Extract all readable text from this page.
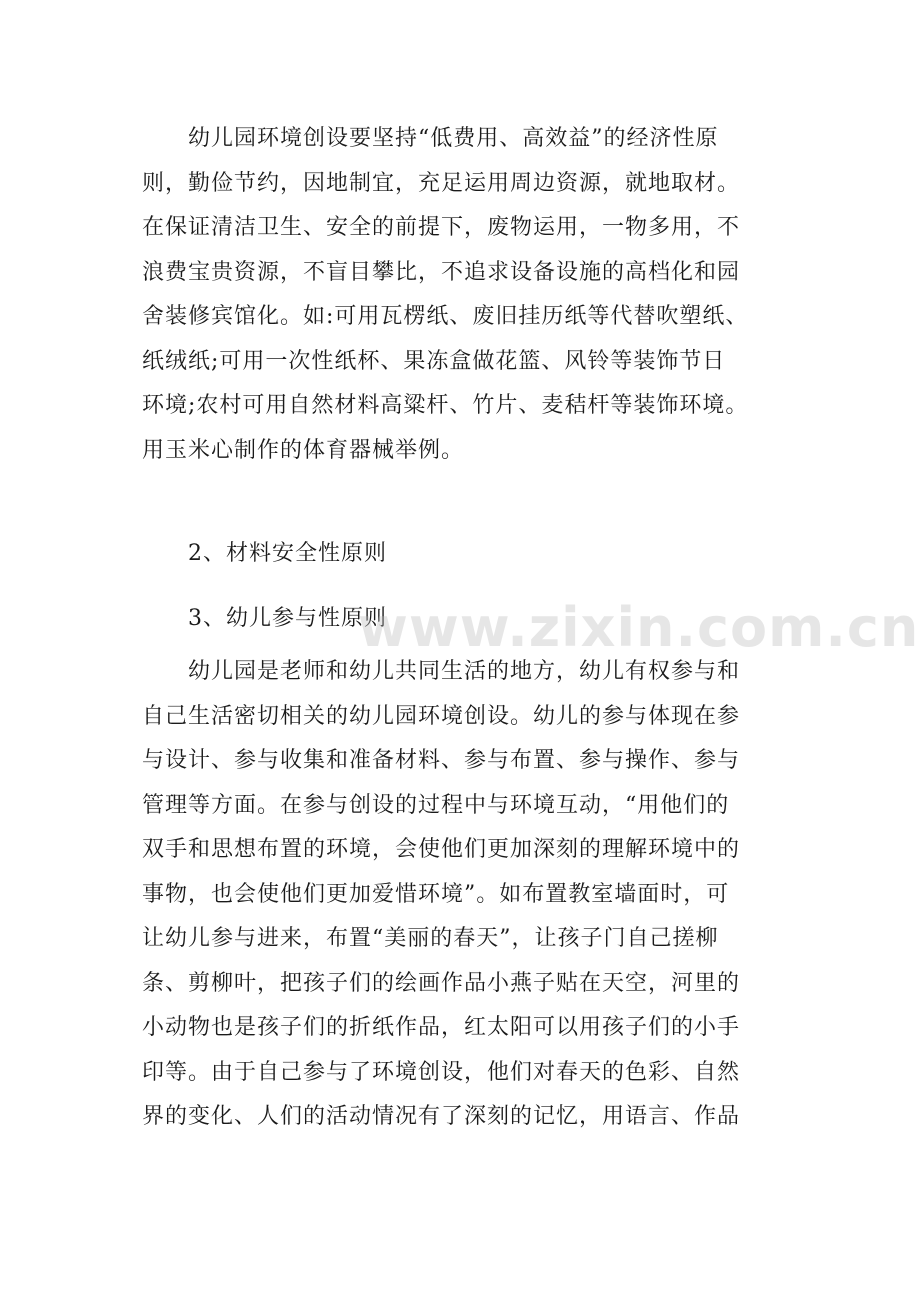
　　幼儿园环境创设要坚持“低费用、高效益”的经济性原
则，勤俭节约，因地制宜，充足运用周边资源，就地取材。
在保证清洁卫生、安全的前提下，废物运用，一物多用，不
浪费宝贵资源，不盲目攀比，不追求设备设施的高档化和园
舍装修宾馆化。如:可用瓦楞纸、废旧挂历纸等代替吹塑纸、
纸绒纸;可用一次性纸杯、果冻盒做花篮、风铃等装饰节日
环境;农村可用自然材料高粱杆、竹片、麦秸杆等装饰环境。
用玉米心制作的体育器械举例。
2、材料安全性原则
3、幼儿参与性原则
www.zixin.com.cn
　　幼儿园是老师和幼儿共同生活的地方，幼儿有权参与和
自己生活密切相关的幼儿园环境创设。幼儿的参与体现在参
与设计、参与收集和准备材料、参与布置、参与操作、参与
管理等方面。在参与创设的过程中与环境互动，“用他们的
双手和思想布置的环境，会使他们更加深刻的理解环境中的
事物，也会使他们更加爱惜环境”。如布置教室墙面时，可
让幼儿参与进来，布置“美丽的春天”，让孩子门自己搓柳
条、剪柳叶，把孩子们的绘画作品小燕子贴在天空，河里的
小动物也是孩子们的折纸作品，红太阳可以用孩子们的小手
印等。由于自己参与了环境创设，他们对春天的色彩、自然
界的变化、人们的活动情况有了深刻的记忆，用语言、作品
